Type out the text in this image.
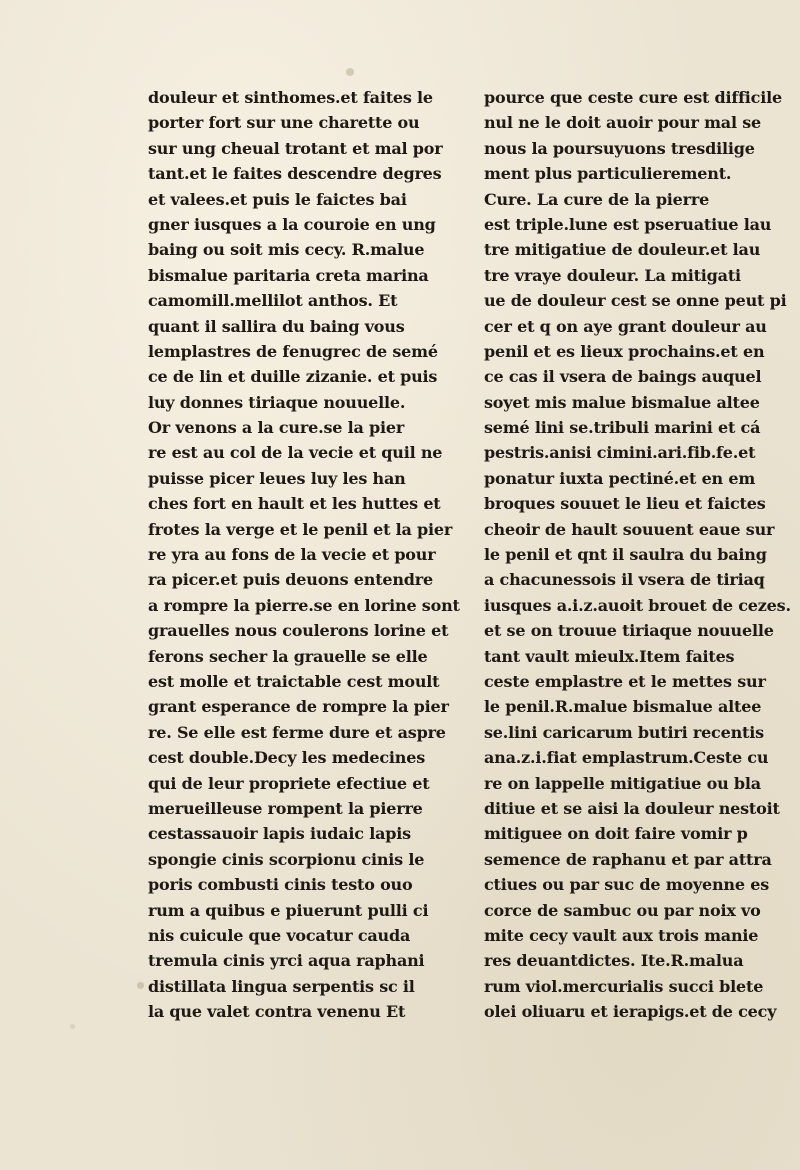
douleur et sinthomes.et faites le
porter fort sur une charette ou
sur ung cheual trotant et mal por
tant.et le faites descendre degres
et valees.et puis le faictes bai
gner iusques a la couroie en ung
baing ou soit mis cecy. R.malue
bismalue paritaria creta marina
camomill.mellilot anthos. Et
quant il sallira du baing vous
lemplastres de fenugrec de semé
ce de lin et duille zizanie. et puis
luy donnes tiriaque nouuelle.
Or venons a la cure.se la pier
re est au col de la vecie et quil ne
puisse picer leues luy les han
ches fort en hault et les huttes et
frotes la verge et le penil et la pier
re yra au fons de la vecie et pour
ra picer.et puis deuons entendre
a rompre la pierre.se en lorine sont
grauelles nous coulerons lorine et
ferons secher la grauelle se elle
est molle et traictable cest moult
grant esperance de rompre la pier
re. Se elle est ferme dure et aspre
cest double.Decy les medecines
qui de leur propriete efectiue et
merueilleuse rompent la pierre
cestassauoir lapis iudaic lapis
spongie cinis scorpionu cinis le
poris combusti cinis testo ouo
rum a quibus e piuerunt pulli ci
nis cuicule que vocatur cauda
tremula cinis yrci aqua raphani
distillata lingua serpentis sc il
la que valet contra venenu Et
pource que ceste cure est difficile
nul ne le doit auoir pour mal se
nous la poursuyuons tresdilige
ment plus particulierement.
Cure. La cure de la pierre
est triple.lune est pseruatiue lau
tre mitigatiue de douleur.et lau
tre vraye douleur. La mitigati
ue de douleur cest se onne peut pi
cer et q on aye grant douleur au
penil et es lieux prochains.et en
ce cas il vsera de baings auquel
soyet mis malue bismalue altee
semé lini se.tribuli marini et cá
pestris.anisi cimini.ari.fib.fe.et
ponatur iuxta pectiné.et en em
broques souuet le lieu et faictes
cheoir de hault souuent eaue sur
le penil et qnt il saulra du baing
a chacunessois il vsera de tiriaq
iusques a.i.z.auoit brouet de cezes.
et se on trouue tiriaque nouuelle
tant vault mieulx.Item faites
ceste emplastre et le mettes sur
le penil.R.malue bismalue altee
se.lini caricarum butiri recentis
ana.z.i.fiat emplastrum.Ceste cu
re on lappelle mitigatiue ou bla
ditiue et se aisi la douleur nestoit
mitiguee on doit faire vomir p
semence de raphanu et par attra
ctiues ou par suc de moyenne es
corce de sambuc ou par noix vo
mite cecy vault aux trois manie
res deuantdictes. Ite.R.malua
rum viol.mercurialis succi blete
olei oliuaru et ierapigs.et de cecy
